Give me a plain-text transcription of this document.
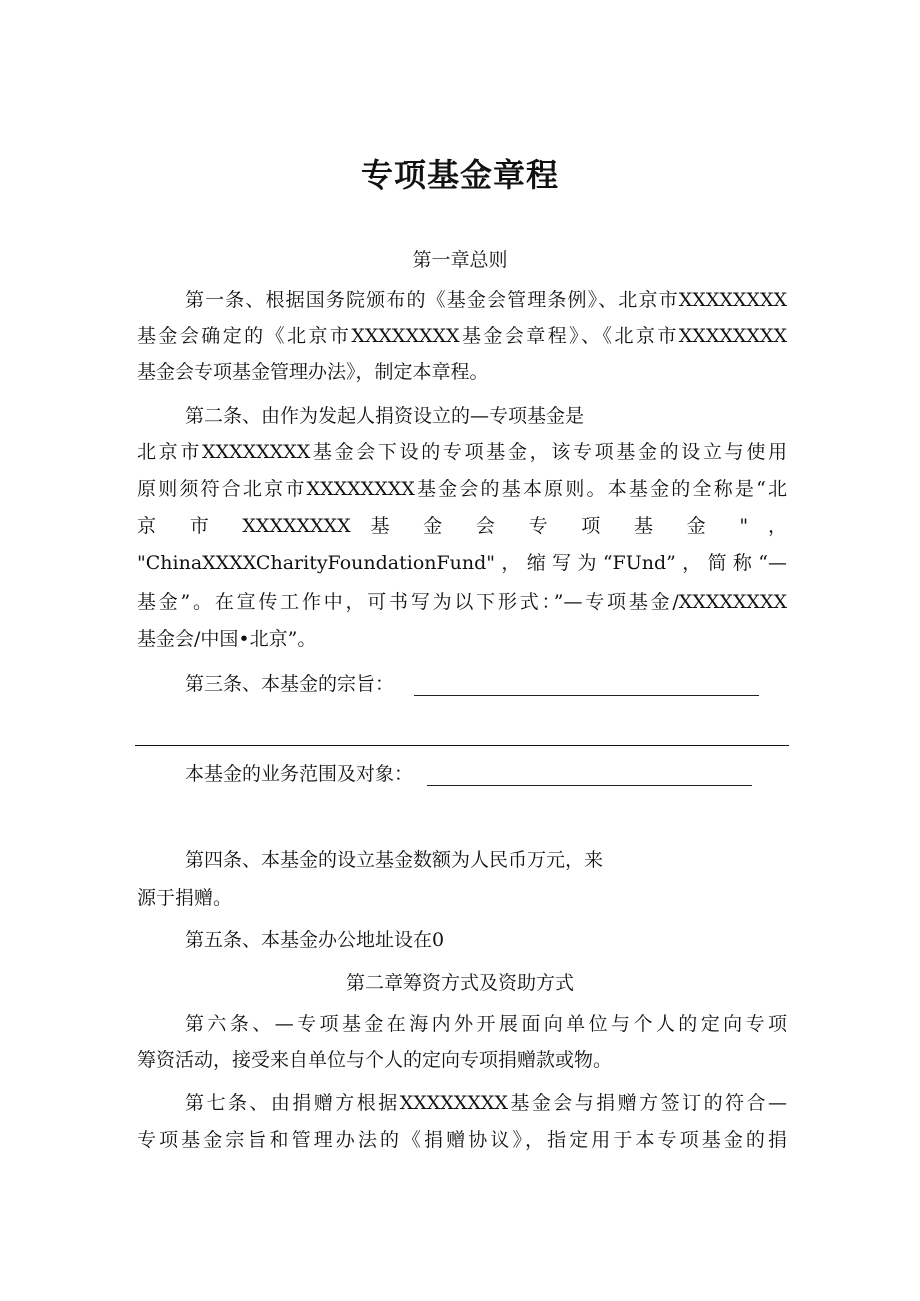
专项基金章程
第一章总则
第一条、根据国务院颁布的《基金会管理条例》、北京市XXXXXXXX
基金会确定的《北京市XXXXXXXX基金会章程》、《北京市XXXXXXXX
基金会专项基金管理办法》，制定本章程。
第二条、由作为发起人捐资设立的—专项基金是
北京市XXXXXXXX基金会下设的专项基金，该专项基金的设立与使用
原则须符合北京市XXXXXXXX基金会的基本原则。本基金的全称是“北
京 市 XXXXXXXX 基 金 会 专 项 基 金 " ，
"ChinaXXXXCharityFoundationFund"，缩写为“FUnd”，简称“—
基金”。在宣传工作中，可书写为以下形式：”—专项基金/XXXXXXXX
基金会/中国•北京”。
第三条、本基金的宗旨：
本基金的业务范围及对象：
第四条、本基金的设立基金数额为人民币万元，来
源于捐赠。
第五条、本基金办公地址设在0
第二章筹资方式及资助方式
第六条、—专项基金在海内外开展面向单位与个人的定向专项
筹资活动，接受来自单位与个人的定向专项捐赠款或物。
第七条、由捐赠方根据XXXXXXXX基金会与捐赠方签订的符合—
专项基金宗旨和管理办法的《捐赠协议》，指定用于本专项基金的捐
